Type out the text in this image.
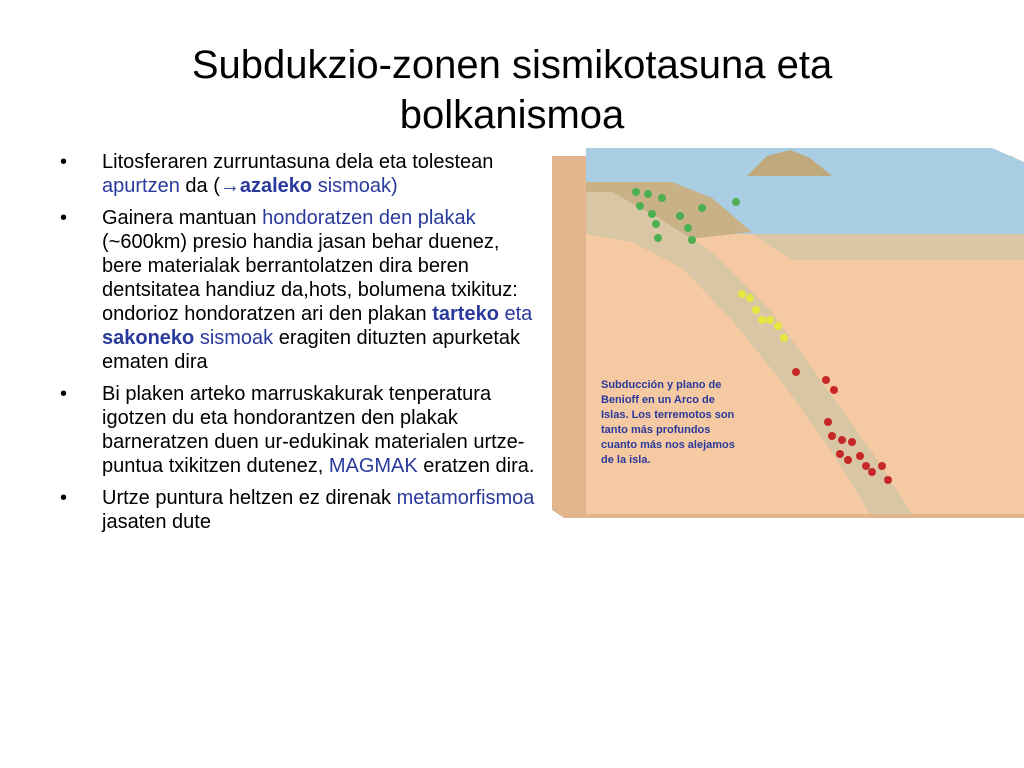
Subdukzio-zonen sismikotasuna eta bolkanismoa
• Litosferaren zurruntasuna dela eta tolestean apurtzen da (→azaleko sismoak)
• Gainera mantuan hondoratzen den plakak (~600km) presio handia jasan behar duenez, bere materialak berrantolatzen dira beren dentsitatea handiuz da,hots, bolumena txikituz: ondorioz hondoratzen ari den plakan tarteko eta sakoneko sismoak eragiten dituzten apurketak ematen dira
• Bi plaken arteko marruskakurak tenperatura igotzen du eta hondorantzen den plakak barneratzen duen ur-edukinak materialen urtze-puntua txikitzen dutenez, MAGMAK eratzen dira.
• Urtze puntura heltzen ez direnak metamorfismoa jasaten dute

Subducción y plano de Benioff en un Arco de Islas. Los terremotos son tanto más profundos cuanto más nos alejamos de la isla.
